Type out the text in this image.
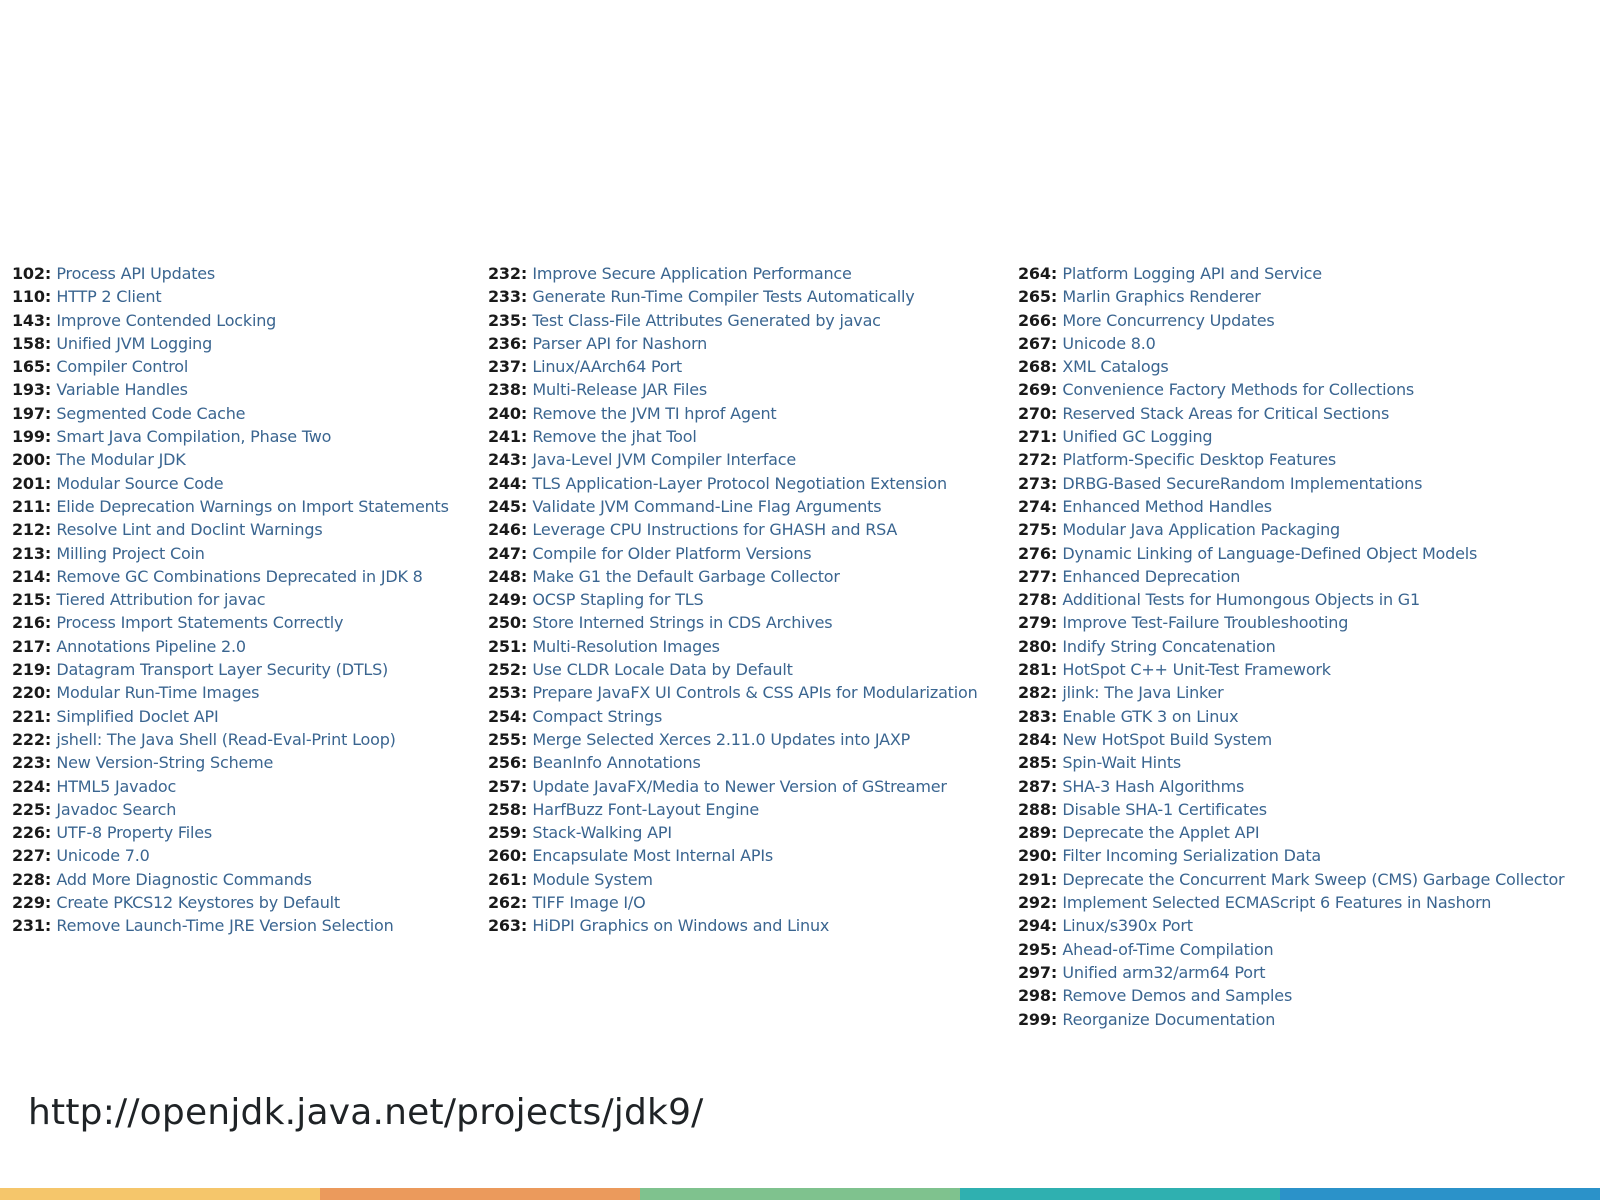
102: Process API Updates
110: HTTP 2 Client
143: Improve Contended Locking
158: Unified JVM Logging
165: Compiler Control
193: Variable Handles
197: Segmented Code Cache
199: Smart Java Compilation, Phase Two
200: The Modular JDK
201: Modular Source Code
211: Elide Deprecation Warnings on Import Statements
212: Resolve Lint and Doclint Warnings
213: Milling Project Coin
214: Remove GC Combinations Deprecated in JDK 8
215: Tiered Attribution for javac
216: Process Import Statements Correctly
217: Annotations Pipeline 2.0
219: Datagram Transport Layer Security (DTLS)
220: Modular Run-Time Images
221: Simplified Doclet API
222: jshell: The Java Shell (Read-Eval-Print Loop)
223: New Version-String Scheme
224: HTML5 Javadoc
225: Javadoc Search
226: UTF-8 Property Files
227: Unicode 7.0
228: Add More Diagnostic Commands
229: Create PKCS12 Keystores by Default
231: Remove Launch-Time JRE Version Selection
232: Improve Secure Application Performance
233: Generate Run-Time Compiler Tests Automatically
235: Test Class-File Attributes Generated by javac
236: Parser API for Nashorn
237: Linux/AArch64 Port
238: Multi-Release JAR Files
240: Remove the JVM TI hprof Agent
241: Remove the jhat Tool
243: Java-Level JVM Compiler Interface
244: TLS Application-Layer Protocol Negotiation Extension
245: Validate JVM Command-Line Flag Arguments
246: Leverage CPU Instructions for GHASH and RSA
247: Compile for Older Platform Versions
248: Make G1 the Default Garbage Collector
249: OCSP Stapling for TLS
250: Store Interned Strings in CDS Archives
251: Multi-Resolution Images
252: Use CLDR Locale Data by Default
253: Prepare JavaFX UI Controls & CSS APIs for Modularization
254: Compact Strings
255: Merge Selected Xerces 2.11.0 Updates into JAXP
256: BeanInfo Annotations
257: Update JavaFX/Media to Newer Version of GStreamer
258: HarfBuzz Font-Layout Engine
259: Stack-Walking API
260: Encapsulate Most Internal APIs
261: Module System
262: TIFF Image I/O
263: HiDPI Graphics on Windows and Linux
264: Platform Logging API and Service
265: Marlin Graphics Renderer
266: More Concurrency Updates
267: Unicode 8.0
268: XML Catalogs
269: Convenience Factory Methods for Collections
270: Reserved Stack Areas for Critical Sections
271: Unified GC Logging
272: Platform-Specific Desktop Features
273: DRBG-Based SecureRandom Implementations
274: Enhanced Method Handles
275: Modular Java Application Packaging
276: Dynamic Linking of Language-Defined Object Models
277: Enhanced Deprecation
278: Additional Tests for Humongous Objects in G1
279: Improve Test-Failure Troubleshooting
280: Indify String Concatenation
281: HotSpot C++ Unit-Test Framework
282: jlink: The Java Linker
283: Enable GTK 3 on Linux
284: New HotSpot Build System
285: Spin-Wait Hints
287: SHA-3 Hash Algorithms
288: Disable SHA-1 Certificates
289: Deprecate the Applet API
290: Filter Incoming Serialization Data
291: Deprecate the Concurrent Mark Sweep (CMS) Garbage Collector
292: Implement Selected ECMAScript 6 Features in Nashorn
294: Linux/s390x Port
295: Ahead-of-Time Compilation
297: Unified arm32/arm64 Port
298: Remove Demos and Samples
299: Reorganize Documentation

http://openjdk.java.net/projects/jdk9/
